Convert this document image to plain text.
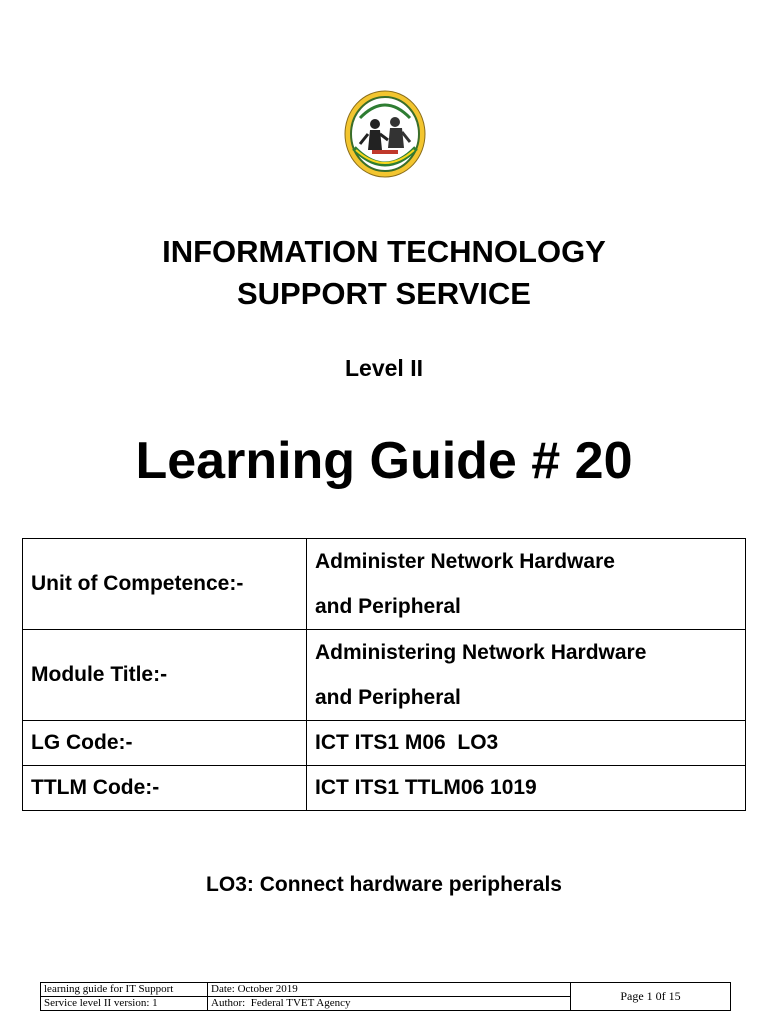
INFORMATION TECHNOLOGY
SUPPORT SERVICE
Level II
Learning Guide # 20
Unit of Competence:-	Administer Network Hardware
and Peripheral
Module Title:-	Administering Network Hardware
and Peripheral
LG Code:-	ICT ITS1 M06  LO3
TTLM Code:-	ICT ITS1 TTLM06 1019
LO3: Connect hardware peripherals
learning guide for IT Support	Date: October 2019	Page 1 0f 15
Service level II version: 1	Author:  Federal TVET Agency	
